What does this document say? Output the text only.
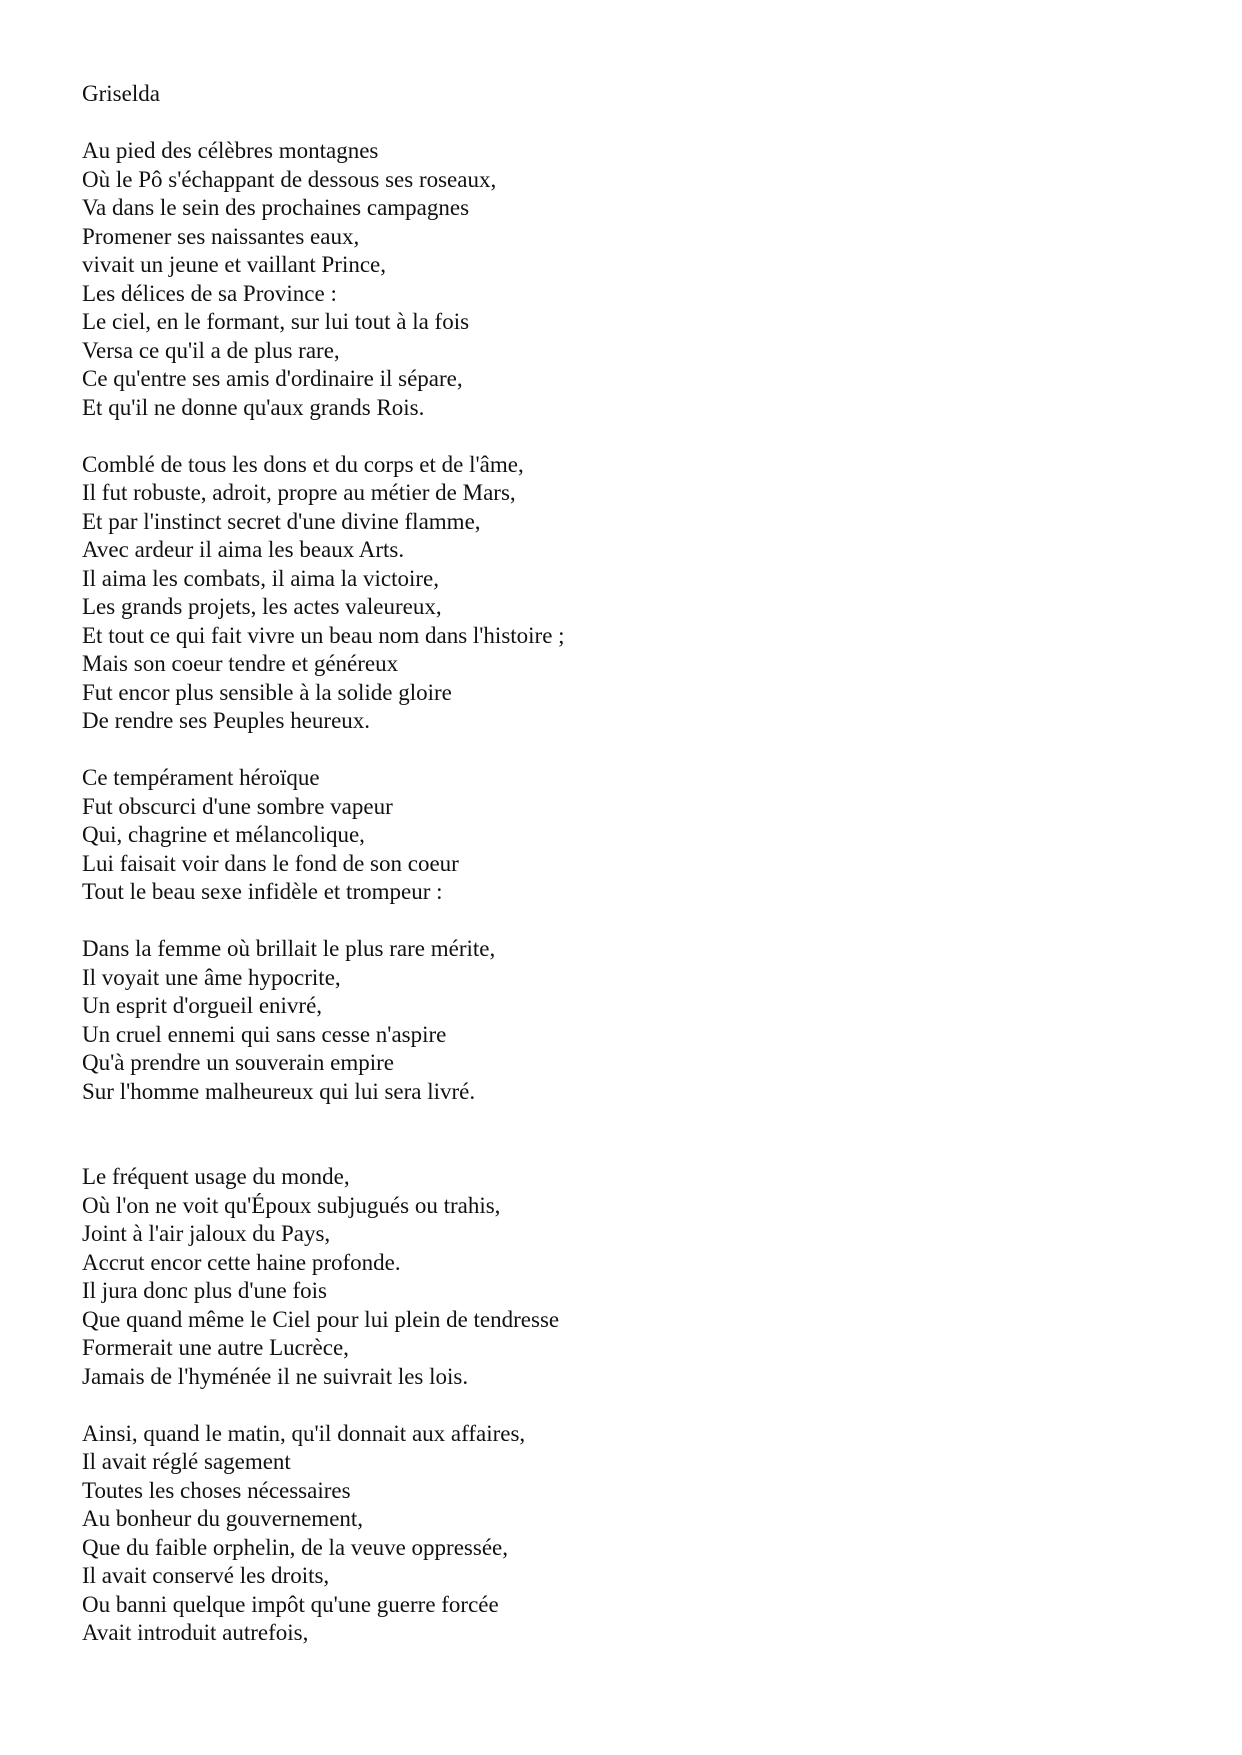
Griselda
Au pied des célèbres montagnes
Où le Pô s'échappant de dessous ses roseaux,
Va dans le sein des prochaines campagnes
Promener ses naissantes eaux,
vivait un jeune et vaillant Prince,
Les délices de sa Province :
Le ciel, en le formant, sur lui tout à la fois
Versa ce qu'il a de plus rare,
Ce qu'entre ses amis d'ordinaire il sépare,
Et qu'il ne donne qu'aux grands Rois.
Comblé de tous les dons et du corps et de l'âme,
Il fut robuste, adroit, propre au métier de Mars,
Et par l'instinct secret d'une divine flamme,
Avec ardeur il aima les beaux Arts.
Il aima les combats, il aima la victoire,
Les grands projets, les actes valeureux,
Et tout ce qui fait vivre un beau nom dans l'histoire ;
Mais son coeur tendre et généreux
Fut encor plus sensible à la solide gloire
De rendre ses Peuples heureux.
Ce tempérament héroïque
Fut obscurci d'une sombre vapeur
Qui, chagrine et mélancolique,
Lui faisait voir dans le fond de son coeur
Tout le beau sexe infidèle et trompeur :
Dans la femme où brillait le plus rare mérite,
Il voyait une âme hypocrite,
Un esprit d'orgueil enivré,
Un cruel ennemi qui sans cesse n'aspire
Qu'à prendre un souverain empire
Sur l'homme malheureux qui lui sera livré.
Le fréquent usage du monde,
Où l'on ne voit qu'Époux subjugués ou trahis,
Joint à l'air jaloux du Pays,
Accrut encor cette haine profonde.
Il jura donc plus d'une fois
Que quand même le Ciel pour lui plein de tendresse
Formerait une autre Lucrèce,
Jamais de l'hyménée il ne suivrait les lois.
Ainsi, quand le matin, qu'il donnait aux affaires,
Il avait réglé sagement
Toutes les choses nécessaires
Au bonheur du gouvernement,
Que du faible orphelin, de la veuve oppressée,
Il avait conservé les droits,
Ou banni quelque impôt qu'une guerre forcée
Avait introduit autrefois,
